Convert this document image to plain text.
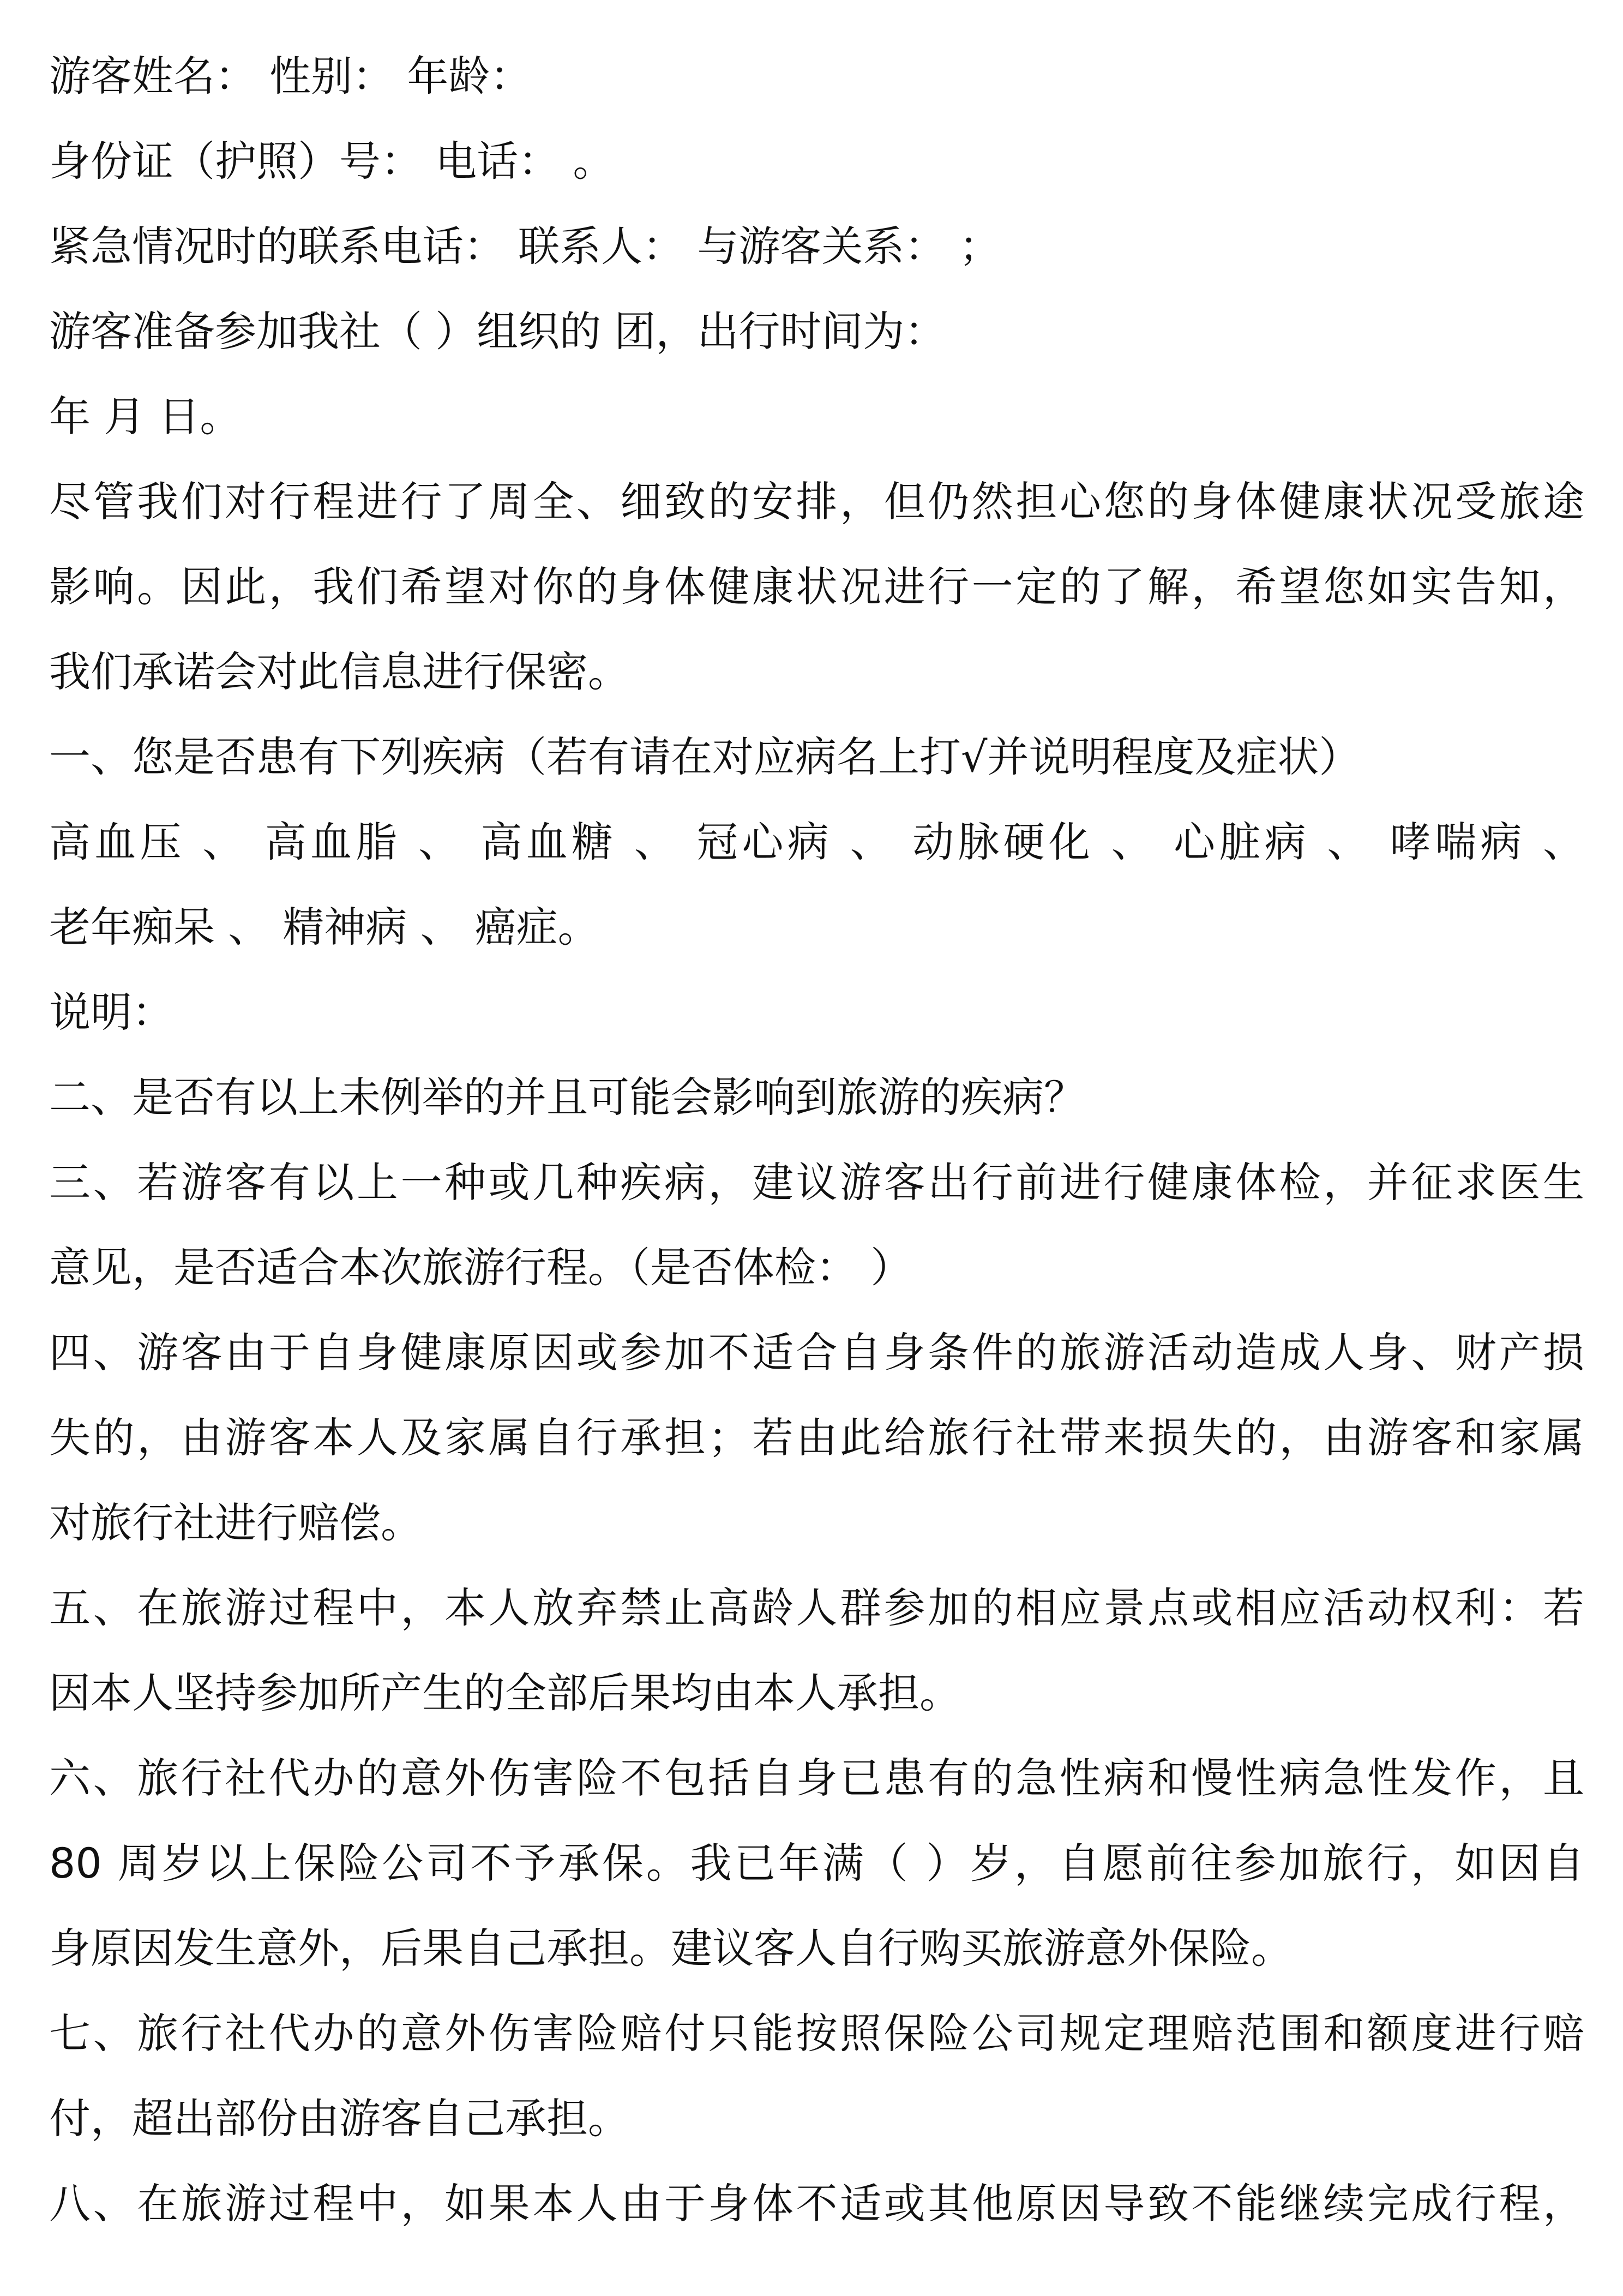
游客姓名： 性别： 年龄：
身份证（护照）号： 电话： 。
紧急情况时的联系电话： 联系人： 与游客关系： ；
游客准备参加我社（ ）组织的 团，出行时间为：
年 月 日。
尽管我们对行程进行了周全、细致的安排，但仍然担心您的身体健康状况受旅途
影响。因此，我们希望对你的身体健康状况进行一定的了解，希望您如实告知，
我们承诺会对此信息进行保密。
一、您是否患有下列疾病（若有请在对应病名上打√并说明程度及症状）
高血压 、 高血脂 、 高血糖 、 冠心病 、 动脉硬化 、 心脏病 、 哮喘病 、
老年痴呆 、 精神病 、 癌症。
说明：
二、是否有以上未例举的并且可能会影响到旅游的疾病？
三、若游客有以上一种或几种疾病，建议游客出行前进行健康体检，并征求医生
意见，是否适合本次旅游行程。（是否体检： ）
四、游客由于自身健康原因或参加不适合自身条件的旅游活动造成人身、财产损
失的，由游客本人及家属自行承担；若由此给旅行社带来损失的，由游客和家属
对旅行社进行赔偿。
五、在旅游过程中，本人放弃禁止高龄人群参加的相应景点或相应活动权利：若
因本人坚持参加所产生的全部后果均由本人承担。
六、旅行社代办的意外伤害险不包括自身已患有的急性病和慢性病急性发作，且
80 周岁以上保险公司不予承保。我已年满（ ）岁，自愿前往参加旅行，如因自
身原因发生意外，后果自己承担。建议客人自行购买旅游意外保险。
七、旅行社代办的意外伤害险赔付只能按照保险公司规定理赔范围和额度进行赔
付，超出部份由游客自己承担。
八、在旅游过程中，如果本人由于身体不适或其他原因导致不能继续完成行程，
